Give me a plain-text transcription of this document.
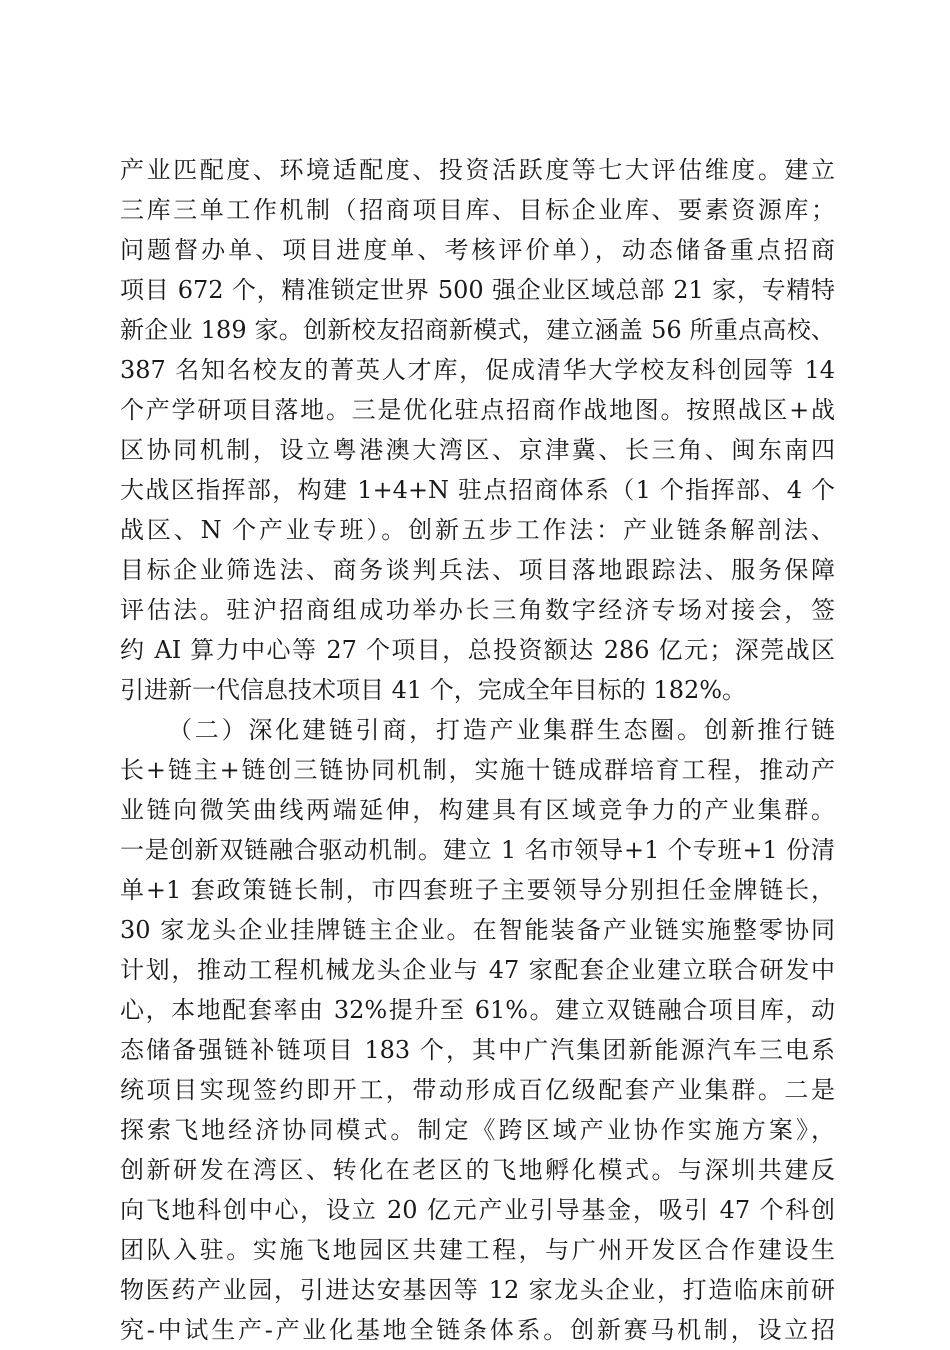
产业匹配度、环境适配度、投资活跃度等七大评估维度。建立
三库三单工作机制（招商项目库、目标企业库、要素资源库；
问题督办单、项目进度单、考核评价单），动态储备重点招商
项目 672 个，精准锁定世界 500 强企业区域总部 21 家，专精特
新企业 189 家。创新校友招商新模式，建立涵盖 56 所重点高校、
387 名知名校友的菁英人才库，促成清华大学校友科创园等 14
个产学研项目落地。三是优化驻点招商作战地图。按照战区+战
区协同机制，设立粤港澳大湾区、京津冀、长三角、闽东南四
大战区指挥部，构建 1+4+N 驻点招商体系（1 个指挥部、4 个
战区、N 个产业专班）。创新五步工作法：产业链条解剖法、
目标企业筛选法、商务谈判兵法、项目落地跟踪法、服务保障
评估法。驻沪招商组成功举办长三角数字经济专场对接会，签
约 AI 算力中心等 27 个项目，总投资额达 286 亿元；深莞战区
引进新一代信息技术项目 41 个，完成全年目标的 182%。
（二）深化建链引商，打造产业集群生态圈。创新推行链
长+链主+链创三链协同机制，实施十链成群培育工程，推动产
业链向微笑曲线两端延伸，构建具有区域竞争力的产业集群。
一是创新双链融合驱动机制。建立 1 名市领导+1 个专班+1 份清
单+1 套政策链长制，市四套班子主要领导分别担任金牌链长，
30 家龙头企业挂牌链主企业。在智能装备产业链实施整零协同
计划，推动工程机械龙头企业与 47 家配套企业建立联合研发中
心，本地配套率由 32%提升至 61%。建立双链融合项目库，动
态储备强链补链项目 183 个，其中广汽集团新能源汽车三电系
统项目实现签约即开工，带动形成百亿级配套产业集群。二是
探索飞地经济协同模式。制定《跨区域产业协作实施方案》，
创新研发在湾区、转化在老区的飞地孵化模式。与深圳共建反
向飞地科创中心，设立 20 亿元产业引导基金，吸引 47 个科创
团队入驻。实施飞地园区共建工程，与广州开发区合作建设生
物医药产业园，引进达安基因等 12 家龙头企业，打造临床前研
究-中试生产-产业化基地全链条体系。创新赛马机制，设立招
